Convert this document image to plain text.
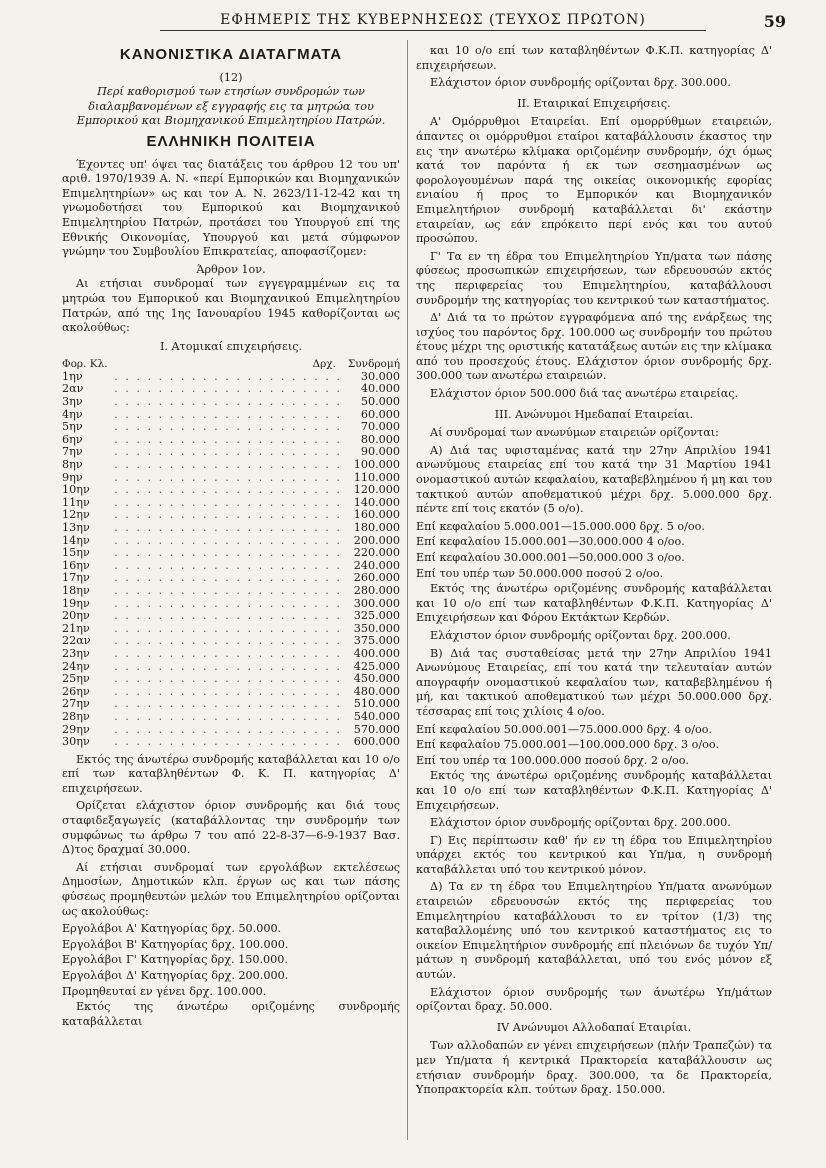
ΕΦΗΜΕΡΙΣ ΤΗΣ ΚΥΒΕΡΝΗΣΕΩΣ (ΤΕΥΧΟΣ ΠΡΩΤΟΝ)	59
ΚΑΝΟΝΙΣΤΙΚΑ ΔΙΑΤΑΓΜΑΤΑ
(12)
Περί καθορισμού των ετησίων συνδρομών των διαλαμβανομένων εξ εγγραφής εις τα μητρώα του Εμπορικού και Βιομηχανικού Επιμελητηρίου Πατρών.
ΕΛΛΗΝΙΚΗ ΠΟΛΙΤΕΙΑ

Έχοντες υπ' όψει τας διατάξεις του άρθρου 12 του υπ' αριθ. 1970/1939 Α. Ν. «περί Εμπορικών και Βιομηχανικών Επιμελητηρίων» ως και τον Α. Ν. 2623/11-12-42 και τη γνωμοδοτήσει του Εμπορικού και Βιομηχανικού Επιμελητηρίου Πατρών, προτάσει του Υπουργού επί της Εθνικής Οικονομίας, Υπουργού και μετά σύμφωνον γνώμην του Συμβουλίου Επικρατείας, αποφασίζομεν:

Άρθρον 1ον.

Αι ετήσιαι συνδρομαί των εγγεγραμμένων εις τα μητρώα του Εμπορικού και Βιομηχανικού Επιμελητηρίου Πατρών, από της 1ης Ιανουαρίου 1945 καθορίζονται ως ακολούθως:

Ι. Ατομικαί επιχειρήσεις.
Φορ. Κλ.	Δρχ.	Συνδρομή
1ην	. . . . . . . . . . . . . . . . . . . . .	30.000
2αν	. . . . . . . . . . . . . . . . . . . . .	40.000
3ην	. . . . . . . . . . . . . . . . . . . . .	50.000
4ην	. . . . . . . . . . . . . . . . . . . . .	60.000
5ην	. . . . . . . . . . . . . . . . . . . . .	70.000
6ην	. . . . . . . . . . . . . . . . . . . . .	80.000
7ην	. . . . . . . . . . . . . . . . . . . . .	90.000
8ην	. . . . . . . . . . . . . . . . . . . . .	100.000
9ην	. . . . . . . . . . . . . . . . . . . . .	110.000
10ην	. . . . . . . . . . . . . . . . . . . . .	120.000
11ην	. . . . . . . . . . . . . . . . . . . . .	140.000
12ην	. . . . . . . . . . . . . . . . . . . . .	160.000
13ην	. . . . . . . . . . . . . . . . . . . . .	180.000
14ην	. . . . . . . . . . . . . . . . . . . . .	200.000
15ην	. . . . . . . . . . . . . . . . . . . . .	220.000
16ην	. . . . . . . . . . . . . . . . . . . . .	240.000
17ην	. . . . . . . . . . . . . . . . . . . . .	260.000
18ην	. . . . . . . . . . . . . . . . . . . . .	280.000
19ην	. . . . . . . . . . . . . . . . . . . . .	300.000
20ην	. . . . . . . . . . . . . . . . . . . . .	325.000
21ην	. . . . . . . . . . . . . . . . . . . . .	350.000
22αν	. . . . . . . . . . . . . . . . . . . . .	375.000
23ην	. . . . . . . . . . . . . . . . . . . . .	400.000
24ην	. . . . . . . . . . . . . . . . . . . . .	425.000
25ην	. . . . . . . . . . . . . . . . . . . . .	450.000
26ην	. . . . . . . . . . . . . . . . . . . . .	480.000
27ην	. . . . . . . . . . . . . . . . . . . . .	510.000
28ην	. . . . . . . . . . . . . . . . . . . . .	540.000
29ην	. . . . . . . . . . . . . . . . . . . . .	570.000
30ην	. . . . . . . . . . . . . . . . . . . . .	600.000

Εκτός της άνωτέρω συνδρομής καταβάλλεται και 10 ο/ο επί των καταβληθέντων Φ. Κ. Π. κατηγορίας Δ' επιχειρήσεων.

Ορίζεται ελάχιστον όριον συνδρομής και διά τους σταφιδεξαγωγείς (καταβάλλοντας την συνδρομήν των συμφώνως τω άρθρω 7 του από 22-8-37—6-9-1937 Βασ. Δ)τος δραχμαί 30.000.

Αί ετήσιαι συνδρομαί των εργολάβων εκτελέσεως Δημοσίων, Δημοτικών κλπ. έργων ως και των πάσης φύσεως προμηθευτών μελών του Επιμελητηρίου ορίζονται ως ακολούθως:

Εργολάβοι Α' Κατηγορίας δρχ. 50.000.

Εργολάβοι Β' Κατηγορίας δρχ. 100.000.

Εργολάβοι Γ' Κατηγορίας δρχ. 150.000.

Εργολάβοι Δ' Κατηγορίας δρχ. 200.000.

Προμηθευταί εν γένει δρχ. 100.000.

Εκτός της άνωτέρω οριζομένης συνδρομής καταβάλλεται

και 10 ο/ο επί των καταβληθέντων Φ.Κ.Π. κατηγορίας Δ' επιχειρήσεων.

Ελάχιστον όριον συνδρομής ορίζονται δρχ. 300.000.

ΙΙ. Εταιρικαί Επιχειρήσεις.

Α' Ομόρρυθμοι Εταιρείαι. Επί ομορρύθμων εταιρειών, άπαντες οι ομόρρυθμοι εταίροι καταβάλλουσιν έκαστος την εις την ανωτέρω κλίμακα οριζομένην συνδρομήν, όχι όμως κατά τον παρόντα ή εκ των σεσημασμένων ως φορολογουμένων παρά της οικείας οικονομικής εφορίας ενιαίου ή προς το Εμπορικόν και Βιομηχανικόν Επιμελητήριον συνδρομή καταβάλλεται δι' εκάστην εταιρείαν, ως εάν επρόκειτο περί ενός και του αυτού προσώπου.

Γ' Τα εν τη έδρα του Επιμελητηρίου Υπ/ματα των πάσης φύσεως προσωπικών επιχειρήσεων, των εδρευουσών εκτός της περιφερείας του Επιμελητηρίου, καταβάλλουσι συνδρομήν της κατηγορίας του κεντρικού των καταστήματος.

Δ' Διά τα το πρώτον εγγραφόμενα από της ενάρξεως της ισχύος του παρόντος δρχ. 100.000 ως συνδρομήν του πρώτου έτους μέχρι της οριστικής κατατάξεως αυτών εις την κλίμακα από του προσεχούς έτους. Ελάχιστον όριον συνδρομής δρχ. 300.000 των ανωτέρω εταιρειών.

Ελάχιστον όριον 500.000 διά τας ανωτέρω εταιρείας.

ΙΙΙ. Ανώνυμοι Ημεδαπαί Εταιρείαι.

Αί συνδρομαί των ανωνύμων εταιρειών ορίζονται:

Α) Διά τας υφισταμένας κατά την 27ην Απριλίου 1941 ανωνύμους εταιρείας επί του κατά την 31 Μαρτίου 1941 ονομαστικού αυτών κεφαλαίου, καταβεβλημένου ή μη και του τακτικού αυτών αποθεματικού μέχρι δρχ. 5.000.000 δρχ. πέντε επί τοις εκατόν (5 ο/ο).

Επί κεφαλαίου 5.000.001—15.000.000 δρχ. 5 ο/οο.

Επί κεφαλαίου 15.000.001—30.000.000 4 ο/οο.

Επί κεφαλαίου 30.000.001—50.000.000 3 ο/οο.

Επί του υπέρ των 50.000.000 ποσού 2 ο/οο.

Εκτός της άνωτέρω οριζομένης συνδρομής καταβάλλεται και 10 ο/ο επί των καταβληθέντων Φ.Κ.Π. Κατηγορίας Δ' Επιχειρήσεων και Φόρου Εκτάκτων Κερδών.

Ελάχιστον όριον συνδρομής ορίζονται δρχ. 200.000.

Β) Διά τας συσταθείσας μετά την 27ην Απριλίου 1941 Ανωνύμους Εταιρείας, επί του κατά την τελευταίαν αυτών απογραφήν ονομαστικού κεφαλαίου των, καταβεβλημένου ή μή, και τακτικού αποθεματικού των μέχρι 50.000.000 δρχ. τέσσαρας επί τοις χιλίοις 4 ο/οο.

Επί κεφαλαίου 50.000.001—75.000.000 δρχ. 4 ο/οο.

Επί κεφαλαίου 75.000.001—100.000.000 δρχ. 3 ο/οο.

Επί του υπέρ τα 100.000.000 ποσού δρχ. 2 ο/οο.

Εκτός της άνωτέρω οριζομένης συνδρομής καταβάλλεται και 10 ο/ο επί των καταβληθέντων Φ.Κ.Π. Κατηγορίας Δ' Επιχειρήσεων.

Ελάχιστον όριον συνδρομής ορίζονται δρχ. 200.000.

Γ) Εις περίπτωσιν καθ' ήν εν τη έδρα του Επιμελητηρίου υπάρχει εκτός του κεντρικού και Υπ/μα, η συνδρομή καταβάλλεται υπό του κεντρικού μόνον.

Δ) Τα εν τη έδρα του Επιμελητηρίου Υπ/ματα ανωνύμων εταιρειών εδρευουσών εκτός της περιφερείας του Επιμελητηρίου καταβάλλουσι το εν τρίτον (1/3) της καταβαλλομένης υπό του κεντρικού καταστήματος εις το οικείον Επιμελητήριον συνδρομής επί πλειόνων δε τυχόν Υπ/μάτων η συνδρομή καταβάλλεται, υπό του ενός μόνον εξ αυτών.

Ελάχιστον όριον συνδρομής των άνωτέρω Υπ/μάτων ορίζονται δραχ. 50.000.

IV Ανώνυμοι Αλλοδαπαί Εταιρίαι.

Των αλλοδαπών εν γένει επιχειρήσεων (πλήν Τραπεζών) τα μεν Υπ/ματα ή κεντρικά Πρακτορεία καταβάλλουσιν ως ετήσιαν συνδρομήν δραχ. 300.000, τα δε Πρακτορεία, Υποπρακτορεία κλπ. τούτων δραχ. 150.000.
